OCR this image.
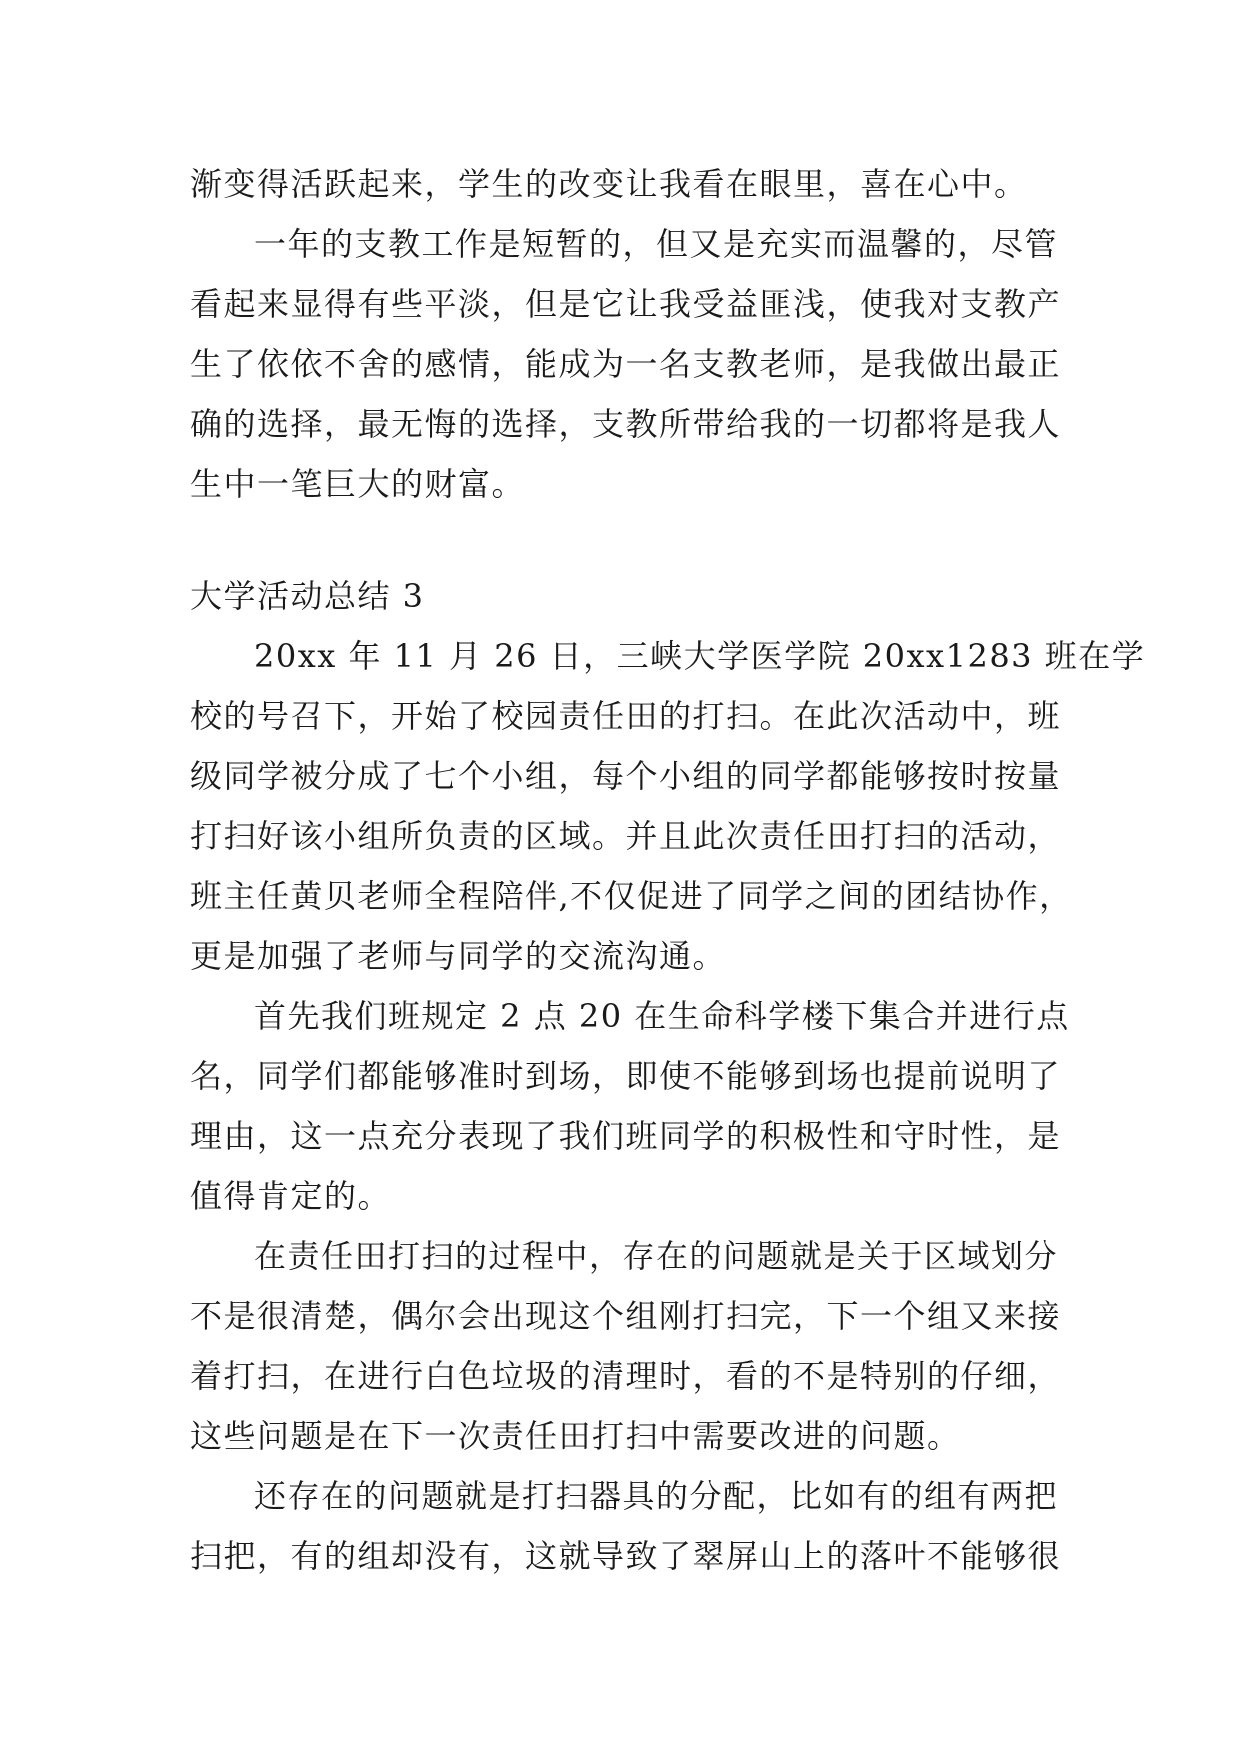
渐变得活跃起来，学生的改变让我看在眼里，喜在心中。

一年的支教工作是短暂的，但又是充实而温馨的，尽管

看起来显得有些平淡，但是它让我受益匪浅，使我对支教产

生了依依不舍的感情，能成为一名支教老师，是我做出最正

确的选择，最无悔的选择，支教所带给我的一切都将是我人

生中一笔巨大的财富。

大学活动总结 3

20xx 年 11 月 26 日，三峡大学医学院 20xx1283 班在学

校的号召下，开始了校园责任田的打扫。在此次活动中，班

级同学被分成了七个小组，每个小组的同学都能够按时按量

打扫好该小组所负责的区域。并且此次责任田打扫的活动，

班主任黄贝老师全程陪伴,不仅促进了同学之间的团结协作，

更是加强了老师与同学的交流沟通。

首先我们班规定 2 点 20 在生命科学楼下集合并进行点

名，同学们都能够准时到场，即使不能够到场也提前说明了

理由，这一点充分表现了我们班同学的积极性和守时性，是

值得肯定的。

在责任田打扫的过程中，存在的问题就是关于区域划分

不是很清楚，偶尔会出现这个组刚打扫完，下一个组又来接

着打扫，在进行白色垃圾的清理时，看的不是特别的仔细，

这些问题是在下一次责任田打扫中需要改进的问题。

还存在的问题就是打扫器具的分配，比如有的组有两把

扫把，有的组却没有，这就导致了翠屏山上的落叶不能够很
